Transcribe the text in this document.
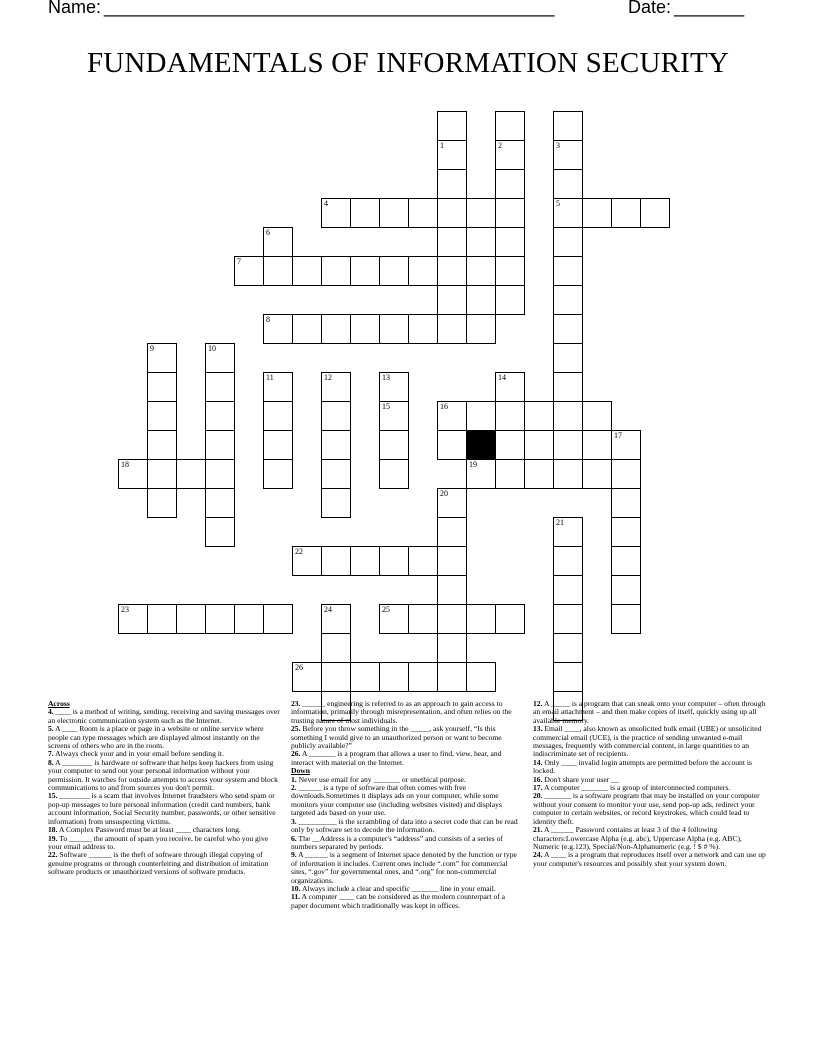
Name: _____________________________________________	Date: _______
FUNDAMENTALS OF INFORMATION SECURITY
1	2	3
4	5
6
7
8
9	10
11	12	13	14
15	16
17
18	19
20
21
22
23	24	25
26
Across
4. ____ is a method of writing, sending, receiving and saving messages over an electronic communication system such as the Internet.
5. A ____ Room is a place or page in a website or online service where people can type messages which are displayed almost instantly on the screens of others who are in the room.
7. Always check your and in your email before sending it.
8. A ________ is hardware or software that helps keep hackers from using your computer to send out your personal information without your permission. It watches for outside attempts to access your system and block communications to and from sources you don't permit.
15. ________ is a scam that involves Internet fraudsters who send spam or pop-up messages to lure personal information (credit card numbers, bank account information, Social Security number, passwords, or other sensitive information) from unsuspecting victims.
18. A Complex Password must be at least ____ characters long.
19. To ______ the amount of spam you receive, be careful who you give your email address to.
22. Software ______ is the theft of software through illegal copying of genuine programs or through counterfeiting and distribution of imitation software products or unauthorized versions of software products.
23. ______ engineering is referred to as an approach to gain access to information, primarily through misrepresentation, and often relies on the trusting nature of most individuals.
25. Before you throw something in the _____, ask yourself, “Is this something I would give to an unauthorized person or want to become publicly available?”
26. A _______ is a program that allows a user to find, view, hear, and interact with material on the Internet.
Down
1. Never use email for any _______ or unethical purpose.
2. ______ is a type of software that often comes with free downloads.Sometimes it displays ads on your computer, while some monitors your computer use (including websites visited) and displays targeted ads based on your use.
3. __________ is the scrambling of data into a secret code that can be read only by software set to decode the information.
6. The __Address is a computer's “address” and consists of a series of numbers separated by periods.
9. A ______ is a segment of Internet space denoted by the function or type of information it includes. Current ones include “.com” for commercial sites, “.gov” for governmental ones, and “.org” for non-commercial organizations.
10. Always include a clear and specific _______ line in your email.
11. A computer ____ can be considered as the modern counterpart of a paper document which traditionally was kept in offices.
12. A _____ is a program that can sneak onto your computer – often through an email attachment – and then make copies of itself, quickly using up all available memory.
13. Email ____, also known as unsolicited bulk email (UBE) or unsolicited commercial email (UCE), is the practice of sending unwanted e-mail messages, frequently with commercial content, in large quantities to an indiscriminate set of recipients.
14. Only ____ invalid login attempts are permitted before the account is locked.
16. Don't share your user __
17. A computer _______ is a group of interconnected computers.
20. _______ is a software program that may be installed on your computer without your consent to monitor your use, send pop-up ads, redirect your computer to certain websites, or record keystrokes, which could lead to identity theft.
21. A ______ Password contains at least 3 of the 4 following characters:Lowercase Alpha (e.g. abc), Uppercase Alpha (e.g. ABC), Numeric (e.g.123), Special/Non-Alphanumeric (e.g. ! $ # %).
24. A ____ is a program that reproduces itself over a network and can use up your computer's resources and possibly shut your system down.
